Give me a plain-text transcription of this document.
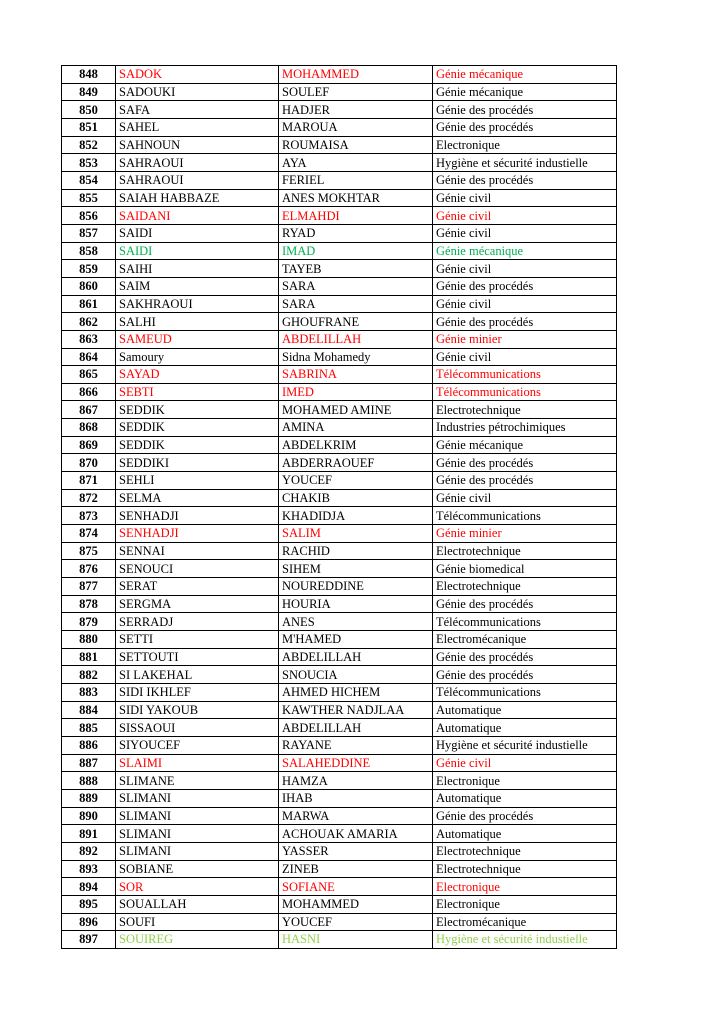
848	SADOK	MOHAMMED	Génie mécanique
849	SADOUKI	SOULEF	Génie mécanique
850	SAFA	HADJER	Génie des procédés
851	SAHEL	MAROUA	Génie des procédés
852	SAHNOUN	ROUMAISA	Electronique
853	SAHRAOUI	AYA	Hygiène et sécurité industielle
854	SAHRAOUI	FERIEL	Génie des procédés
855	SAIAH HABBAZE	ANES MOKHTAR	Génie civil
856	SAIDANI	ELMAHDI	Génie civil
857	SAIDI	RYAD	Génie civil
858	SAIDI	IMAD	Génie mécanique
859	SAIHI	TAYEB	Génie civil
860	SAIM	SARA	Génie des procédés
861	SAKHRAOUI	SARA	Génie civil
862	SALHI	GHOUFRANE	Génie des procédés
863	SAMEUD	ABDELILLAH	Génie minier
864	Samoury	Sidna Mohamedy	Génie civil
865	SAYAD	SABRINA	Télécommunications
866	SEBTI	IMED	Télécommunications
867	SEDDIK	MOHAMED AMINE	Electrotechnique
868	SEDDIK	AMINA	Industries pétrochimiques
869	SEDDIK	ABDELKRIM	Génie mécanique
870	SEDDIKI	ABDERRAOUEF	Génie des procédés
871	SEHLI	YOUCEF	Génie des procédés
872	SELMA	CHAKIB	Génie civil
873	SENHADJI	KHADIDJA	Télécommunications
874	SENHADJI	SALIM	Génie minier
875	SENNAI	RACHID	Electrotechnique
876	SENOUCI	SIHEM	Génie biomedical
877	SERAT	NOUREDDINE	Electrotechnique
878	SERGMA	HOURIA	Génie des procédés
879	SERRADJ	ANES	Télécommunications
880	SETTI	M'HAMED	Electromécanique
881	SETTOUTI	ABDELILLAH	Génie des procédés
882	SI LAKEHAL	SNOUCIA	Génie des procédés
883	SIDI IKHLEF	AHMED HICHEM	Télécommunications
884	SIDI YAKOUB	KAWTHER NADJLAA	Automatique
885	SISSAOUI	ABDELILLAH	Automatique
886	SIYOUCEF	RAYANE	Hygiène et sécurité industielle
887	SLAIMI	SALAHEDDINE	Génie civil
888	SLIMANE	HAMZA	Electronique
889	SLIMANI	IHAB	Automatique
890	SLIMANI	MARWA	Génie des procédés
891	SLIMANI	ACHOUAK AMARIA	Automatique
892	SLIMANI	YASSER	Electrotechnique
893	SOBIANE	ZINEB	Electrotechnique
894	SOR	SOFIANE	Electronique
895	SOUALLAH	MOHAMMED	Electronique
896	SOUFI	YOUCEF	Electromécanique
897	SOUIREG	HASNI	Hygiène et sécurité industielle
